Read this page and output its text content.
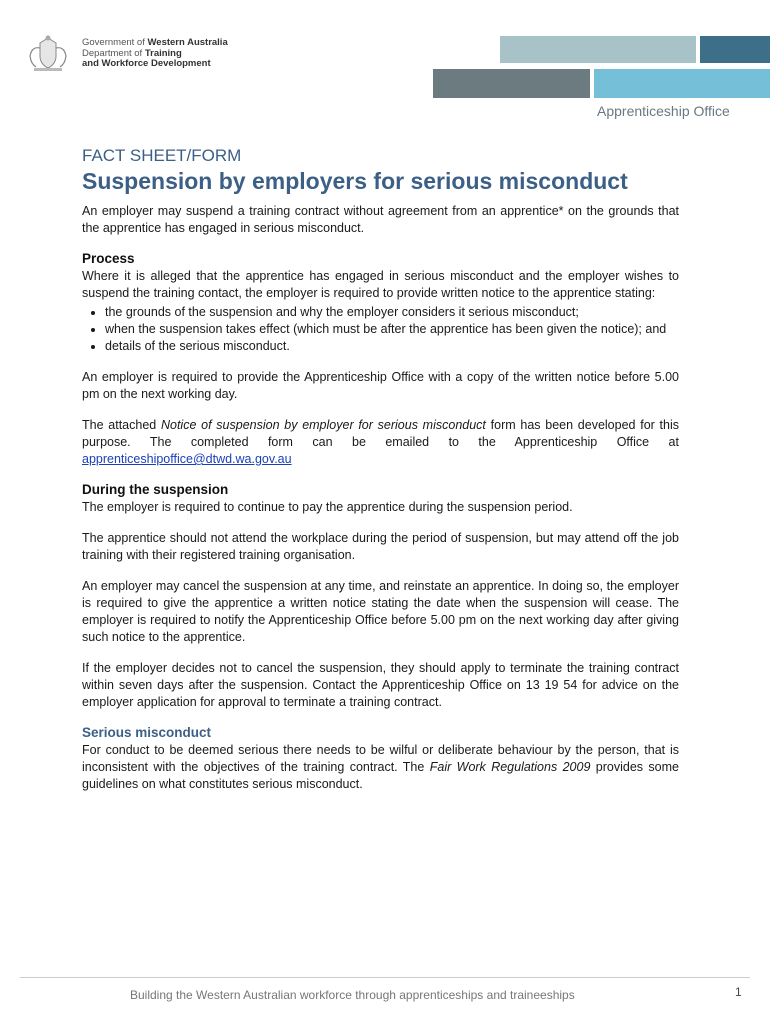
Government of Western Australia
Department of Training
and Workforce Development
Apprenticeship Office
FACT SHEET/FORM
Suspension by employers for serious misconduct

An employer may suspend a training contract without agreement from an apprentice* on the grounds that the apprentice has engaged in serious misconduct.

Process

Where it is alleged that the apprentice has engaged in serious misconduct and the employer wishes to suspend the training contact, the employer is required to provide written notice to the apprentice stating:

• the grounds of the suspension and why the employer considers it serious misconduct;
• when the suspension takes effect (which must be after the apprentice has been given the notice); and
• details of the serious misconduct.

An employer is required to provide the Apprenticeship Office with a copy of the written notice before 5.00 pm on the next working day.

The attached Notice of suspension by employer for serious misconduct form has been developed for this purpose. The completed form can be emailed to the Apprenticeship Office at apprenticeshipoffice@dtwd.wa.gov.au

During the suspension

The employer is required to continue to pay the apprentice during the suspension period.

The apprentice should not attend the workplace during the period of suspension, but may attend off the job training with their registered training organisation.

An employer may cancel the suspension at any time, and reinstate an apprentice. In doing so, the employer is required to give the apprentice a written notice stating the date when the suspension will cease. The employer is required to notify the Apprenticeship Office before 5.00 pm on the next working day after giving such notice to the apprentice.

If the employer decides not to cancel the suspension, they should apply to terminate the training contract within seven days after the suspension. Contact the Apprenticeship Office on 13 19 54 for advice on the employer application for approval to terminate a training contract.

Serious misconduct

For conduct to be deemed serious there needs to be wilful or deliberate behaviour by the person, that is inconsistent with the objectives of the training contract. The Fair Work Regulations 2009 provides some guidelines on what constitutes serious misconduct.

Building the Western Australian workforce through apprenticeships and traineeships	1
